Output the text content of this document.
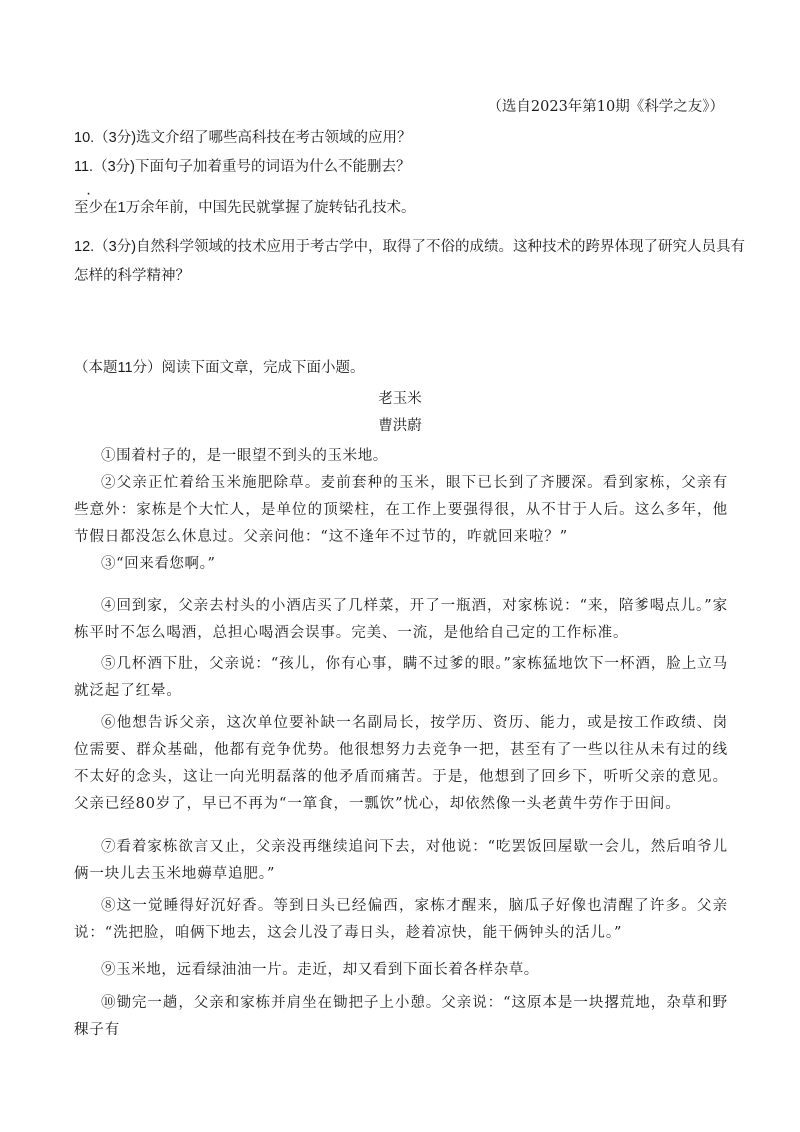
（选自2023年第10期《科学之友》）
10.（3分)选文介绍了哪些高科技在考古领域的应用？
11.（3分)下面句子加着重号的词语为什么不能删去？
至少在1万余年前，中国先民就掌握了旋转钻孔技术。
12.（3分)自然科学领域的技术应用于考古学中，取得了不俗的成绩。这种技术的跨界体现了研究人员具有
怎样的科学精神？
（本题11分）阅读下面文章，完成下面小题。
老玉米
曹洪蔚
①围着村子的，是一眼望不到头的玉米地。
②父亲正忙着给玉米施肥除草。麦前套种的玉米，眼下已长到了齐腰深。看到家栋，父亲有些意外：家栋是个大忙人，是单位的顶梁柱，在工作上要强得很，从不甘于人后。这么多年，他节假日都没怎么休息过。父亲问他：“这不逢年不过节的，咋就回来啦？”
③“回来看您啊。”
④回到家，父亲去村头的小酒店买了几样菜，开了一瓶酒，对家栋说：“来，陪爹喝点儿。”家栋平时不怎么喝酒，总担心喝酒会误事。完美、一流，是他给自己定的工作标准。
⑤几杯酒下肚，父亲说：“孩儿，你有心事，瞒不过爹的眼。”家栋猛地饮下一杯酒，脸上立马就泛起了红晕。
⑥他想告诉父亲，这次单位要补缺一名副局长，按学历、资历、能力，或是按工作政绩、岗位需要、群众基础，他都有竞争优势。他很想努力去竞争一把，甚至有了一些以往从未有过的线不太好的念头，这让一向光明磊落的他矛盾而痛苦。于是，他想到了回乡下，听听父亲的意见。父亲已经80岁了，早已不再为“一箪食，一瓢饮”忧心，却依然像一头老黄牛劳作于田间。
⑦看着家栋欲言又止，父亲没再继续追问下去，对他说：“吃罢饭回屋歇一会儿，然后咱爷儿俩一块儿去玉米地薅草追肥。”
⑧这一觉睡得好沉好香。等到日头已经偏西，家栋才醒来，脑瓜子好像也清醒了许多。父亲说：“洗把脸，咱俩下地去，这会儿没了毒日头，趁着凉快，能干俩钟头的活儿。”
⑨玉米地，远看绿油油一片。走近，却又看到下面长着各样杂草。
⑩锄完一趟，父亲和家栋并肩坐在锄把子上小憩。父亲说：“这原本是一块撂荒地，杂草和野稞子有
